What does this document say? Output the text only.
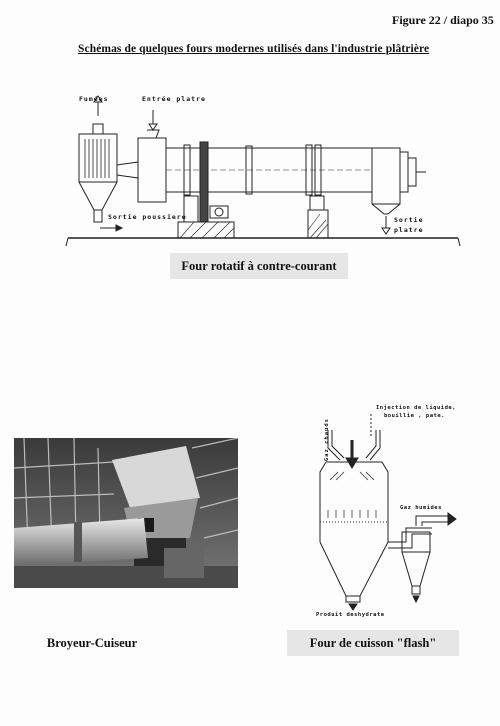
Figure 22 / diapo 35
Schémas de quelques fours modernes utilisés dans l'industrie plâtrière
Fumées	Entrée platre
Sortie poussiere	Sortie
platre
Four rotatif à contre-courant
Broyeur-Cuiseur
Gaz chauds
Injection de liquide,
bouillie , pate.
Gaz humides
Produit deshydrate
Four de cuisson "flash"
